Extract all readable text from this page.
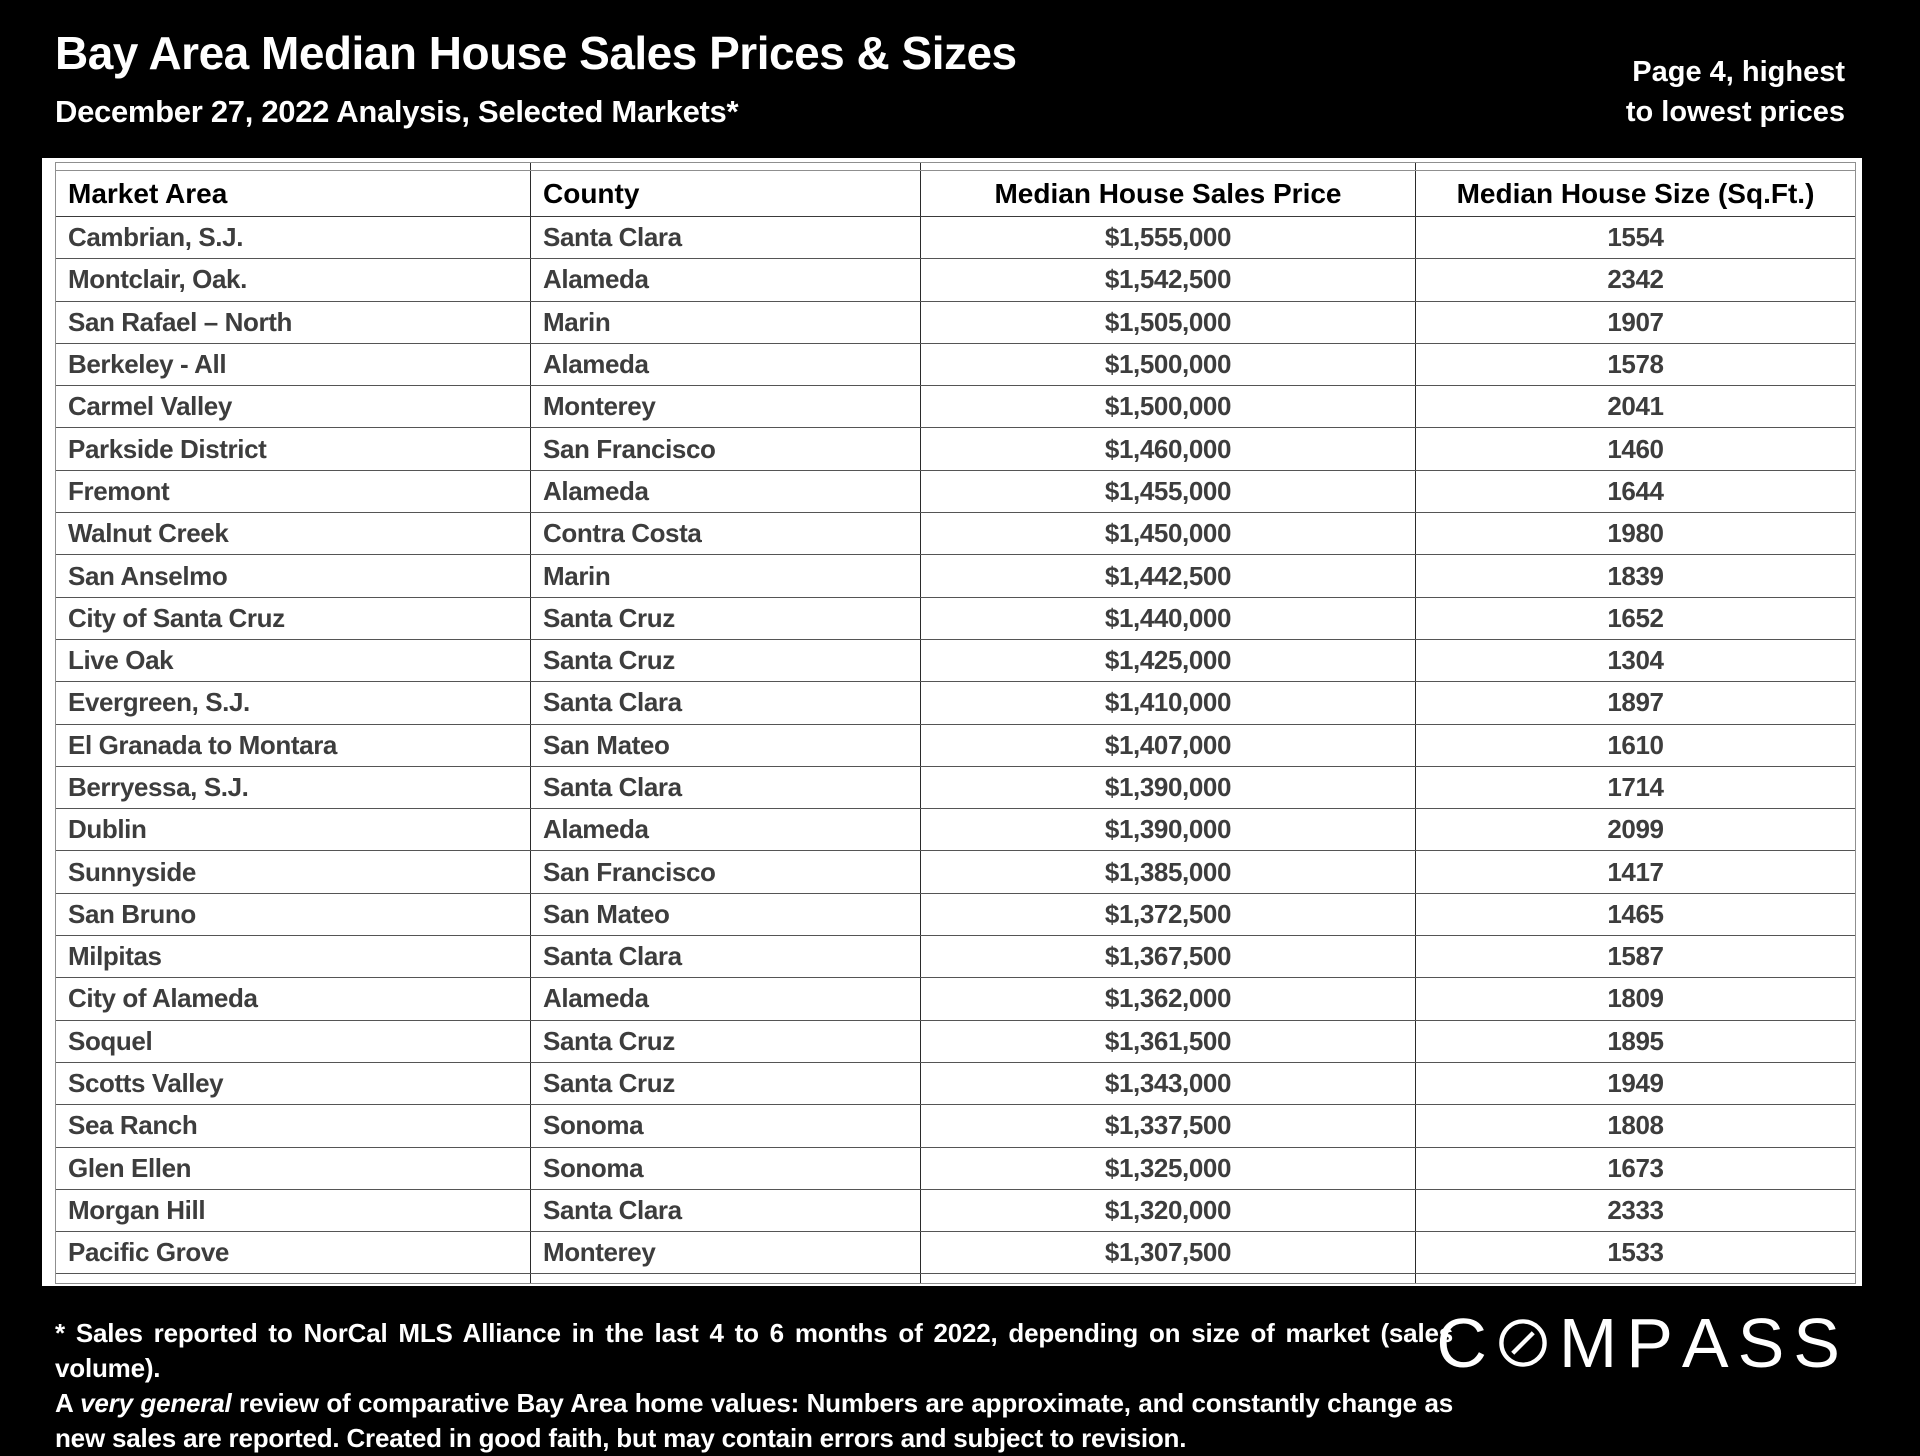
Bay Area Median House Sales Prices & Sizes
December 27, 2022 Analysis, Selected Markets*
Page 4, highest
to lowest prices
Market Area	County	Median House Sales Price	Median House Size (Sq.Ft.)
Cambrian, S.J.	Santa Clara	$1,555,000	1554
Montclair, Oak.	Alameda	$1,542,500	2342
San Rafael – North	Marin	$1,505,000	1907
Berkeley - All	Alameda	$1,500,000	1578
Carmel Valley	Monterey	$1,500,000	2041
Parkside District	San Francisco	$1,460,000	1460
Fremont	Alameda	$1,455,000	1644
Walnut Creek	Contra Costa	$1,450,000	1980
San Anselmo	Marin	$1,442,500	1839
City of Santa Cruz	Santa Cruz	$1,440,000	1652
Live Oak	Santa Cruz	$1,425,000	1304
Evergreen, S.J.	Santa Clara	$1,410,000	1897
El Granada to Montara	San Mateo	$1,407,000	1610
Berryessa, S.J.	Santa Clara	$1,390,000	1714
Dublin	Alameda	$1,390,000	2099
Sunnyside	San Francisco	$1,385,000	1417
San Bruno	San Mateo	$1,372,500	1465
Milpitas	Santa Clara	$1,367,500	1587
City of Alameda	Alameda	$1,362,000	1809
Soquel	Santa Cruz	$1,361,500	1895
Scotts Valley	Santa Cruz	$1,343,000	1949
Sea Ranch	Sonoma	$1,337,500	1808
Glen Ellen	Sonoma	$1,325,000	1673
Morgan Hill	Santa Clara	$1,320,000	2333
Pacific Grove	Monterey	$1,307,500	1533
* Sales reported to NorCal MLS Alliance in the last 4 to 6 months of 2022, depending on size of market (sales volume).
A very general review of comparative Bay Area home values: Numbers are approximate, and constantly change as
new sales are reported. Created in good faith, but may contain errors and subject to revision.
C M P A S S
